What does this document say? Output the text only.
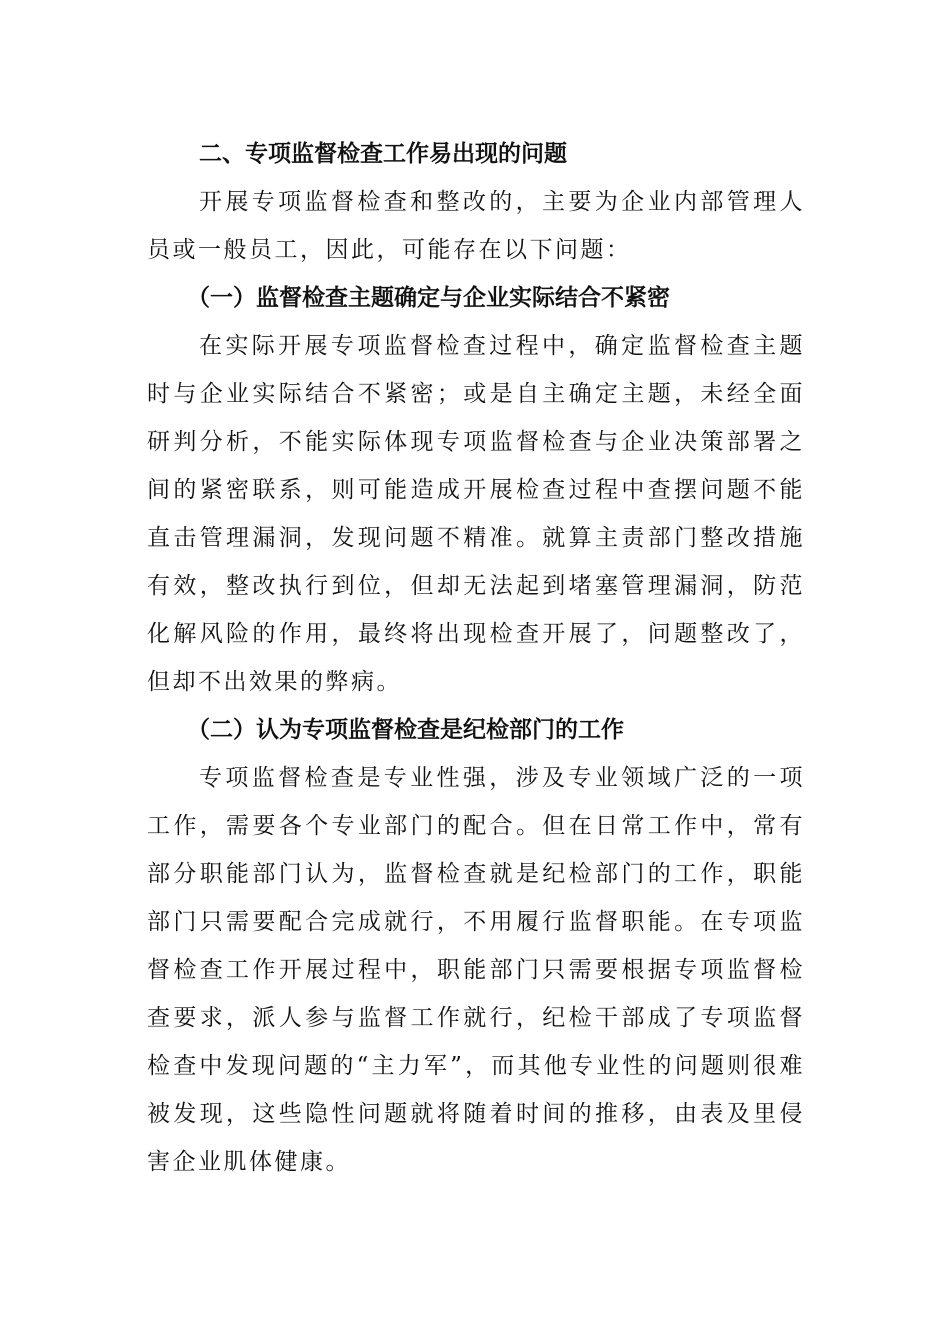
二、专项监督检查工作易出现的问题
开展专项监督检查和整改的，主要为企业内部管理人员或一般员工，因此，可能存在以下问题：
（一）监督检查主题确定与企业实际结合不紧密
在实际开展专项监督检查过程中，确定监督检查主题时与企业实际结合不紧密；或是自主确定主题，未经全面研判分析，不能实际体现专项监督检查与企业决策部署之间的紧密联系，则可能造成开展检查过程中查摆问题不能直击管理漏洞，发现问题不精准。就算主责部门整改措施有效，整改执行到位，但却无法起到堵塞管理漏洞，防范化解风险的作用，最终将出现检查开展了，问题整改了，但却不出效果的弊病。
（二）认为专项监督检查是纪检部门的工作
专项监督检查是专业性强，涉及专业领域广泛的一项工作，需要各个专业部门的配合。但在日常工作中，常有部分职能部门认为，监督检查就是纪检部门的工作，职能部门只需要配合完成就行，不用履行监督职能。在专项监督检查工作开展过程中，职能部门只需要根据专项监督检查要求，派人参与监督工作就行，纪检干部成了专项监督检查中发现问题的“主力军”，而其他专业性的问题则很难被发现，这些隐性问题就将随着时间的推移，由表及里侵害企业肌体健康。
